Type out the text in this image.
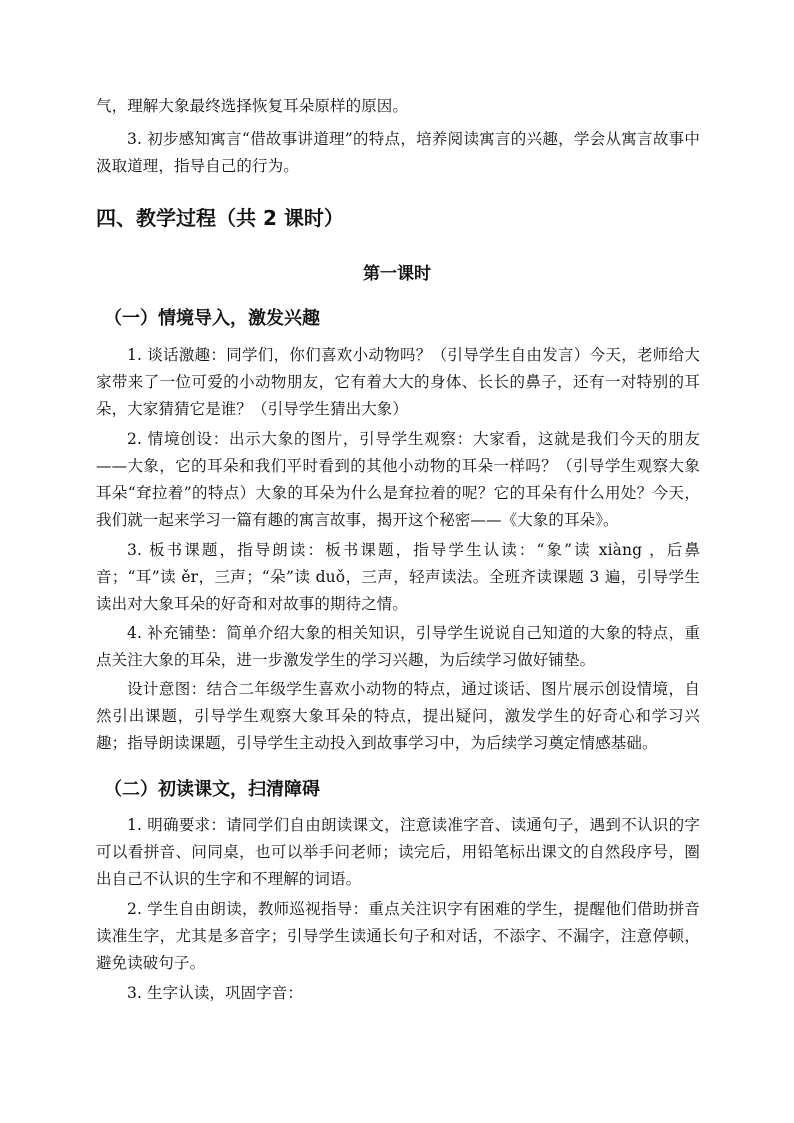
气，理解大象最终选择恢复耳朵原样的原因。
3. 初步感知寓言“借故事讲道理”的特点，培养阅读寓言的兴趣，学会从寓言故事中汲取道理，指导自己的行为。
四、教学过程（共 2 课时）
第一课时
（一）情境导入，激发兴趣
1. 谈话激趣：同学们，你们喜欢小动物吗？（引导学生自由发言）今天，老师给大家带来了一位可爱的小动物朋友，它有着大大的身体、长长的鼻子，还有一对特别的耳朵，大家猜猜它是谁？（引导学生猜出大象）
2. 情境创设：出示大象的图片，引导学生观察：大家看，这就是我们今天的朋友——大象，它的耳朵和我们平时看到的其他小动物的耳朵一样吗？（引导学生观察大象耳朵“耷拉着”的特点）大象的耳朵为什么是耷拉着的呢？它的耳朵有什么用处？今天，我们就一起来学习一篇有趣的寓言故事，揭开这个秘密——《大象的耳朵》。
3. 板书课题，指导朗读：板书课题，指导学生认读：“象”读 xiàng ，后鼻音；“耳”读 ěr，三声；“朵”读 duǒ，三声，轻声读法。全班齐读课题 3 遍，引导学生读出对大象耳朵的好奇和对故事的期待之情。
4. 补充铺垫：简单介绍大象的相关知识，引导学生说说自己知道的大象的特点，重点关注大象的耳朵，进一步激发学生的学习兴趣，为后续学习做好铺垫。
设计意图：结合二年级学生喜欢小动物的特点，通过谈话、图片展示创设情境，自然引出课题，引导学生观察大象耳朵的特点，提出疑问，激发学生的好奇心和学习兴趣；指导朗读课题，引导学生主动投入到故事学习中，为后续学习奠定情感基础。
（二）初读课文，扫清障碍
1. 明确要求：请同学们自由朗读课文，注意读准字音、读通句子，遇到不认识的字可以看拼音、问同桌，也可以举手问老师；读完后，用铅笔标出课文的自然段序号，圈出自己不认识的生字和不理解的词语。
2. 学生自由朗读，教师巡视指导：重点关注识字有困难的学生，提醒他们借助拼音读准生字，尤其是多音字；引导学生读通长句子和对话，不添字、不漏字，注意停顿，避免读破句子。
3. 生字认读，巩固字音：
